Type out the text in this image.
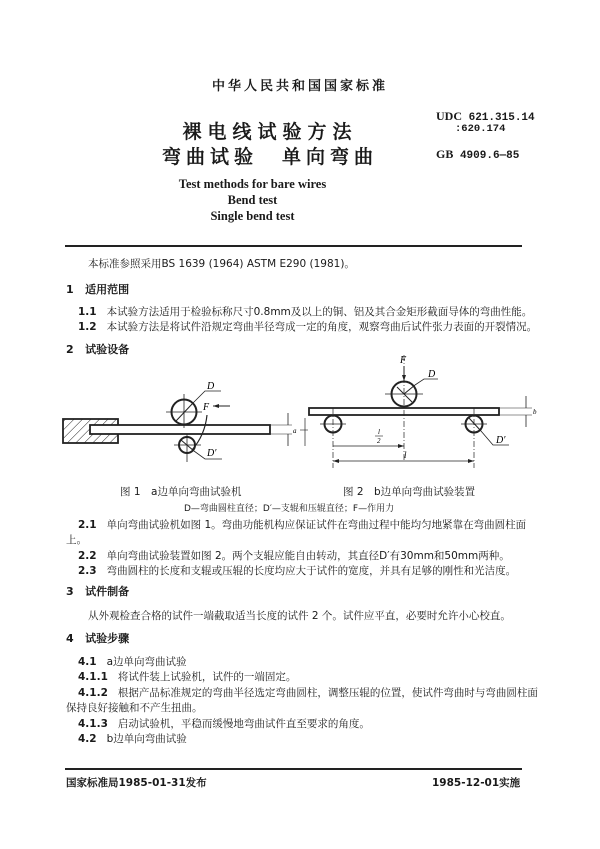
中华人民共和国国家标准
裸电线试验方法
弯曲试验　单向弯曲
Test methods for bare wires
Bend test
Single bend test
UDC 621.315.14
:620.174
GB 4909.6—85
本标准参照采用BS 1639 (1964) ASTM E290 (1981)。
1 适用范围
1.1 本试验方法适用于检验标称尺寸0.8mm及以上的铜、铝及其合金矩形截面导体的弯曲性能。
1.2 本试验方法是将试件沿规定弯曲半径弯成一定的角度，观察弯曲后试件张力表面的开裂情况。
2 试验设备
D
D′
F
a
D
F
D′
l
2
l
b
图 1　a边单向弯曲试验机	图 2　b边单向弯曲试验装置
D—弯曲圆柱直径；D′—支辊和压辊直径；F—作用力
2.1 单向弯曲试验机如图 1。弯曲功能机构应保证试件在弯曲过程中能均匀地紧靠在弯曲圆柱面
上。
2.2 单向弯曲试验装置如图 2。两个支辊应能自由转动，其直径D′有30mm和50mm两种。
2.3 弯曲圆柱的长度和支辊或压辊的长度均应大于试件的宽度，并具有足够的刚性和光洁度。
3 试件制备
从外观检查合格的试件一端截取适当长度的试件 2 个。试件应平直，必要时允许小心校直。
4 试验步骤
4.1 a边单向弯曲试验
4.1.1 将试件装上试验机，试件的一端固定。
4.1.2 根据产品标准规定的弯曲半径选定弯曲圆柱，调整压辊的位置，使试件弯曲时与弯曲圆柱面
保持良好接触和不产生扭曲。
4.1.3 启动试验机，平稳而缓慢地弯曲试件直至要求的角度。
4.2 b边单向弯曲试验
国家标准局1985-01-31发布	1985-12-01实施
